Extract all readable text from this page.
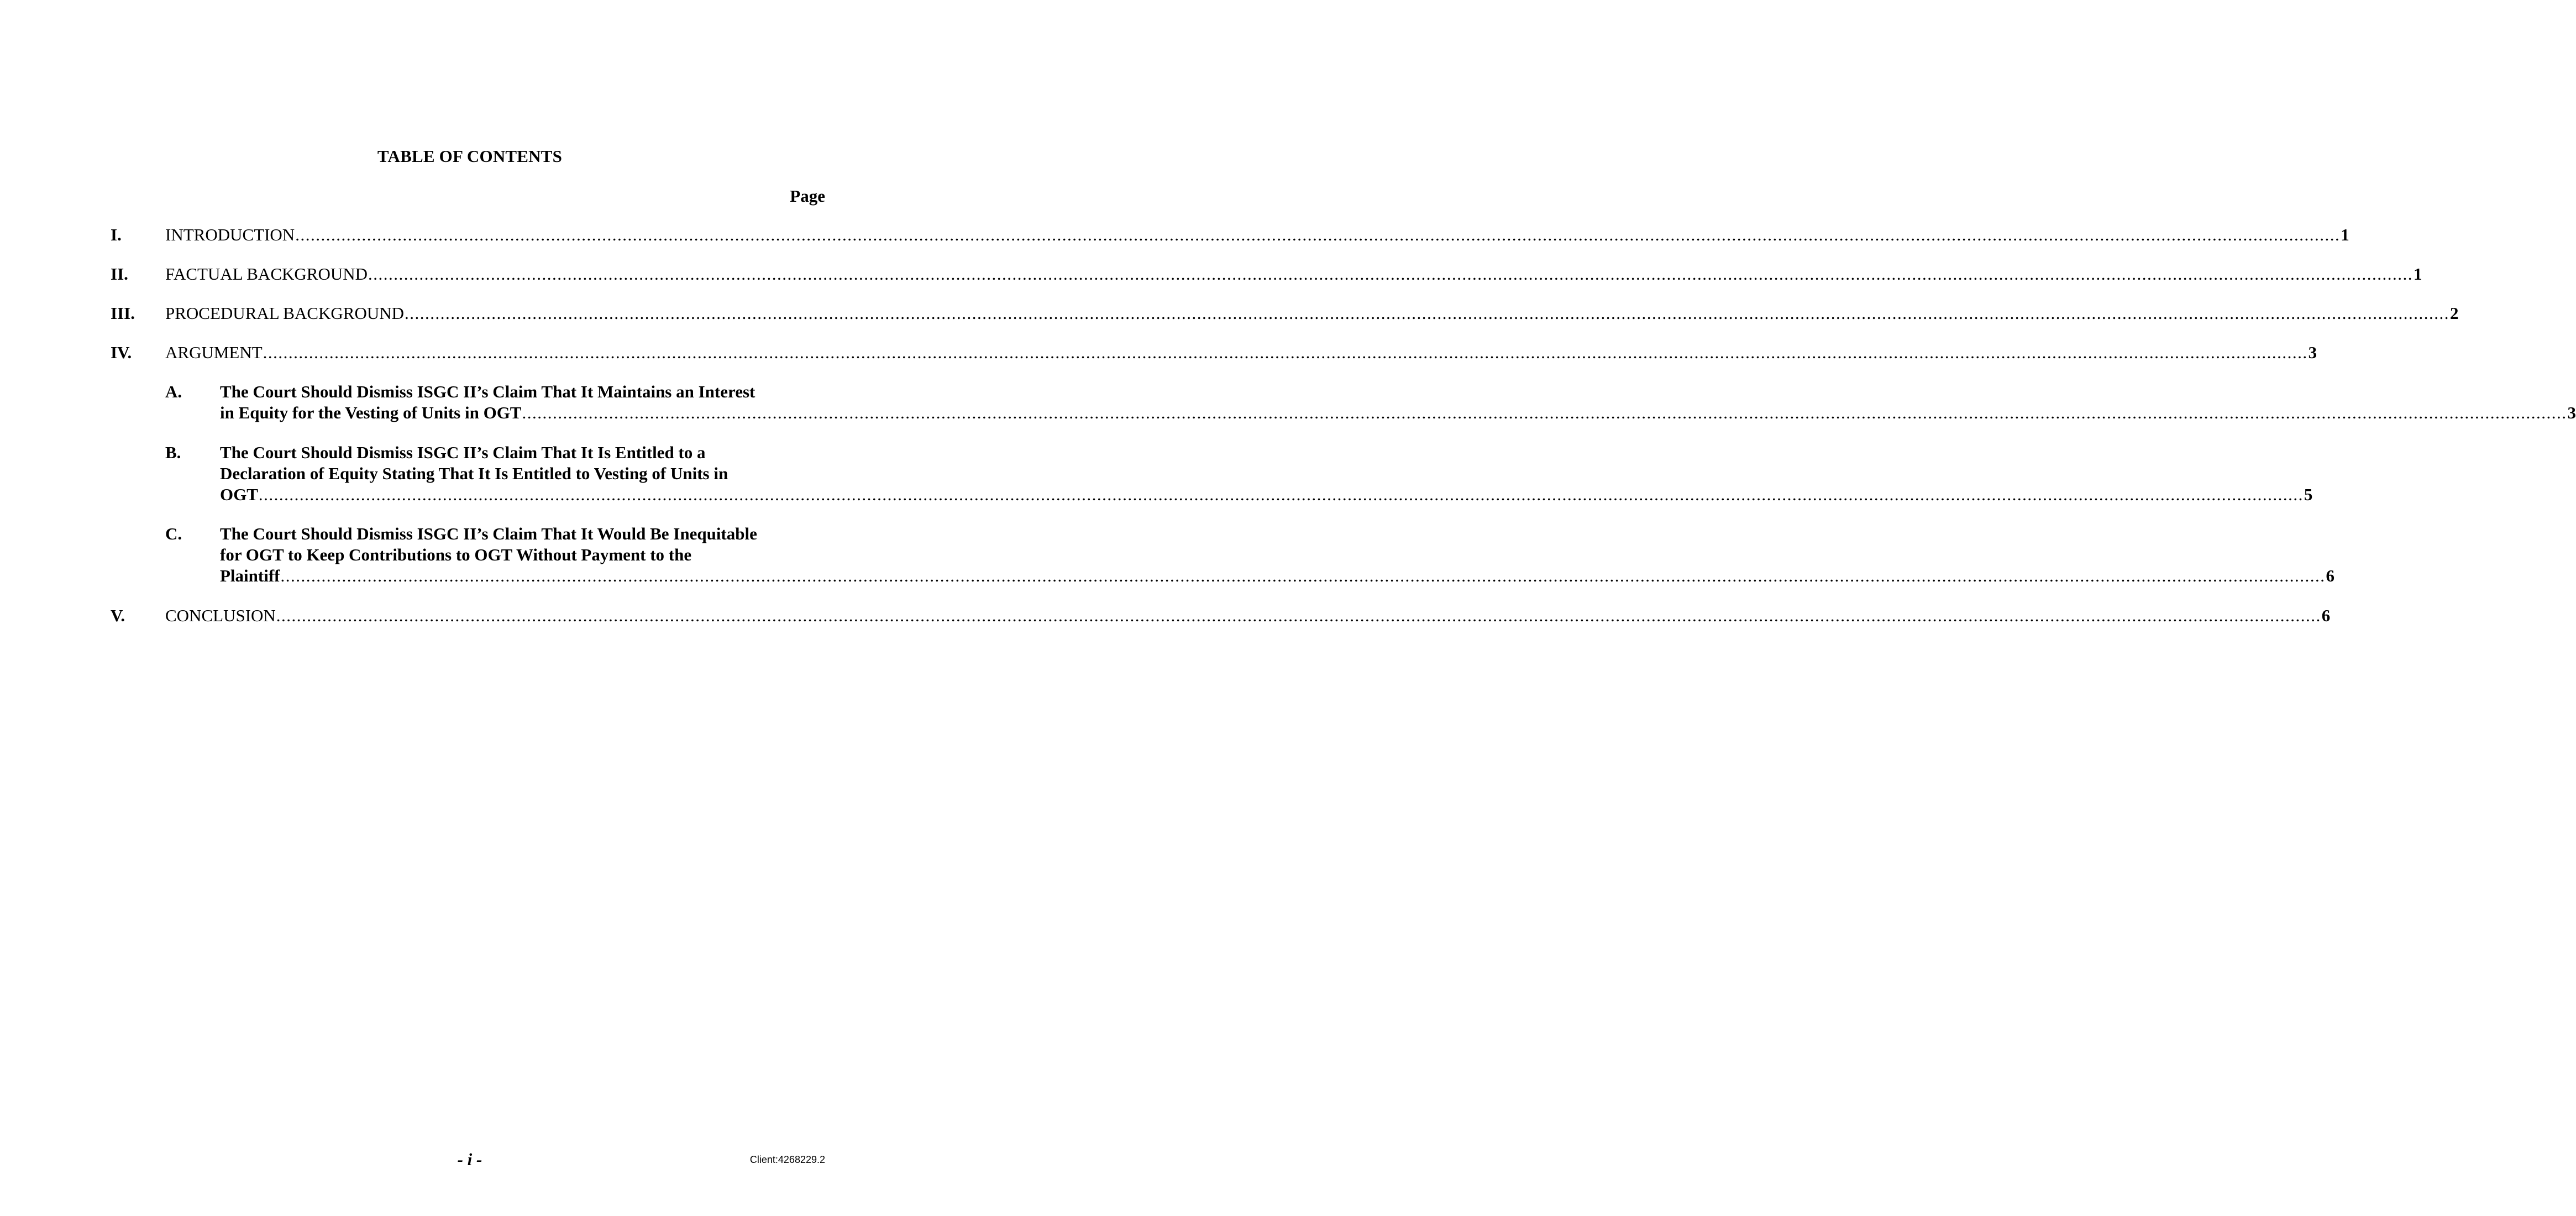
TABLE OF CONTENTS
Page
I.	INTRODUCTION ................................................................................................................................................................................................................................................................................................................................................................................................................ 1
II. FACTUAL BACKGROUND ................................................................................................................................................................................................................................................................................................................................................................................................................ 1
III. PROCEDURAL BACKGROUND ................................................................................................................................................................................................................................................................................................................................................................................................................ 2
IV. ARGUMENT ................................................................................................................................................................................................................................................................................................................................................................................................................ 3
A. The Court Should Dismiss ISGC II’s Claim That It Maintains an Interest
in Equity for the Vesting of Units in OGT ................................................................................................................................................................................................................................................................................................................................................................................................................ 3
B. The Court Should Dismiss ISGC II’s Claim That It Is Entitled to a
Declaration of Equity Stating That It Is Entitled to Vesting of Units in
OGT ................................................................................................................................................................................................................................................................................................................................................................................................................ 5
C. The Court Should Dismiss ISGC II’s Claim That It Would Be Inequitable
for OGT to Keep Contributions to OGT Without Payment to the
Plaintiff ................................................................................................................................................................................................................................................................................................................................................................................................................ 6
V. CONCLUSION ................................................................................................................................................................................................................................................................................................................................................................................................................ 6
- i -	Client:4268229.2
